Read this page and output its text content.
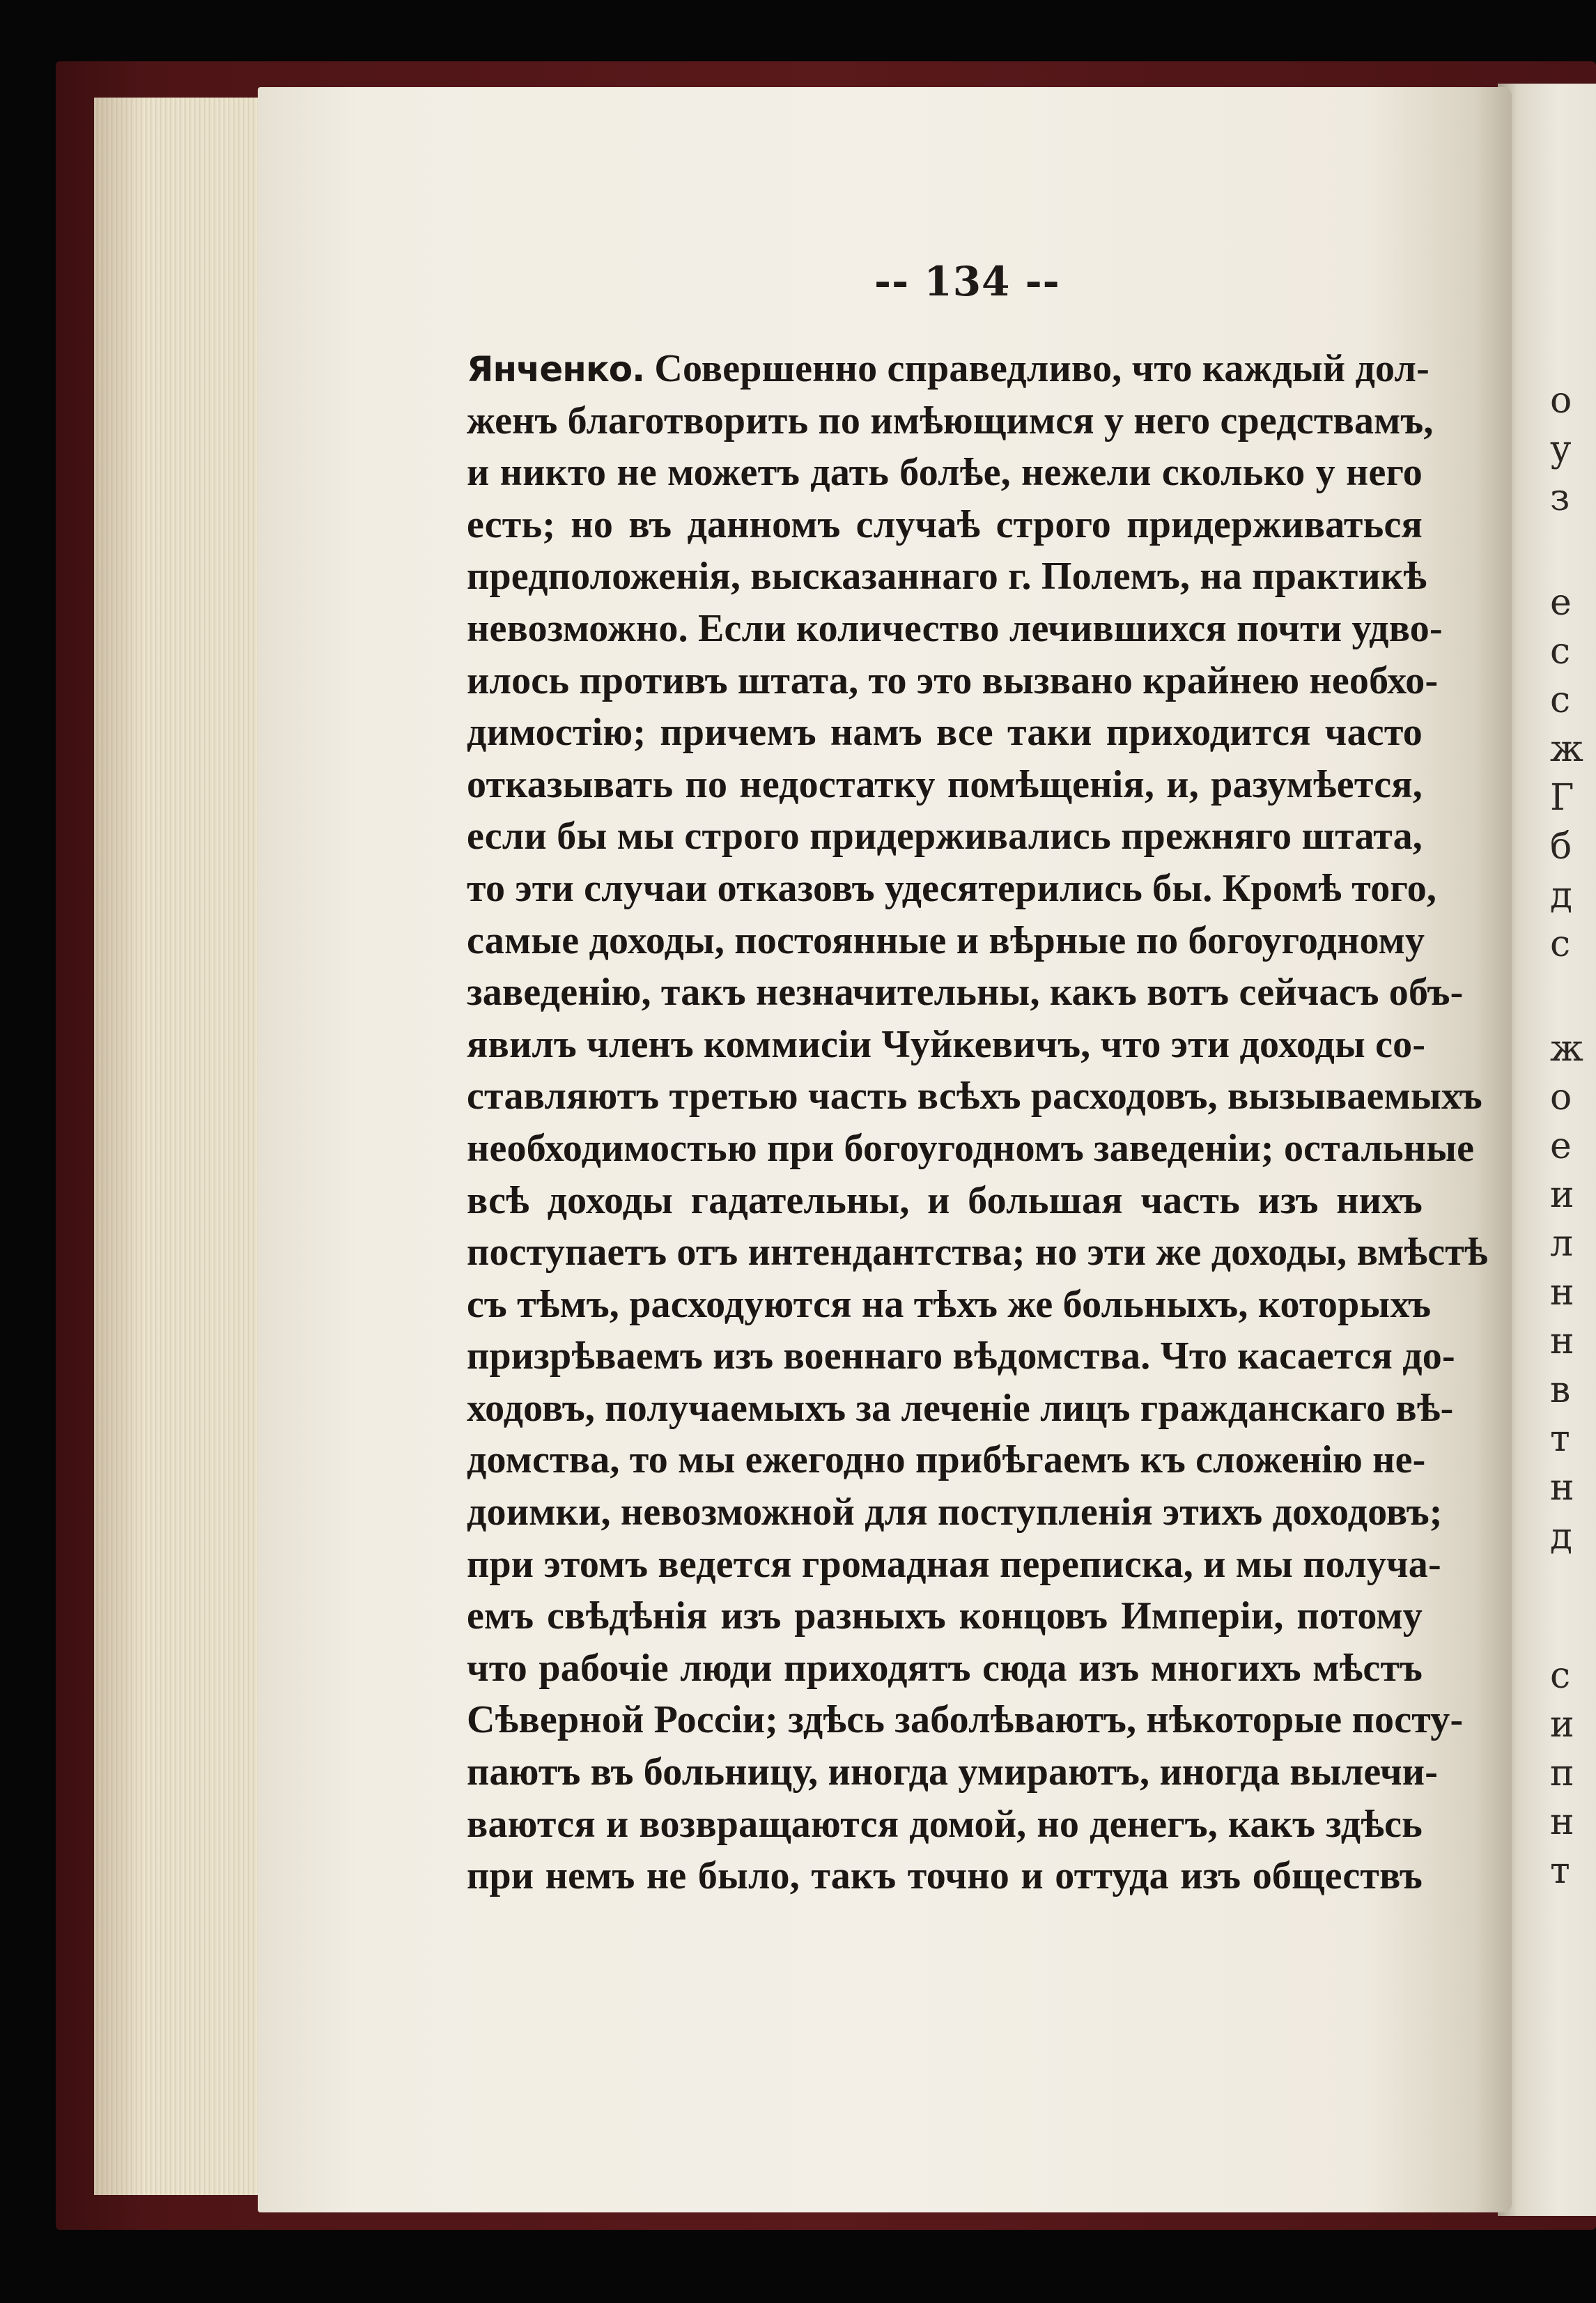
о
у
з
е
с
с
ж
Г
б
д
с
ж
о
е
и
л
н
н
в
т
н
д
с
и
п
н
т
-- 134 --
Янченко. Совершенно справедливо, что каждый дол-
женъ благотворить по имѣющимся у него средствамъ,
и никто не можетъ дать болѣе, нежели сколько у него
есть; но въ данномъ случаѣ строго придерживаться
предположенія, высказаннаго г. Полемъ, на практикѣ
невозможно. Если количество лечившихся почти удво-
илось противъ штата, то это вызвано крайнею необхо-
димостію; причемъ намъ все таки приходится часто
отказывать по недостатку помѣщенія, и, разумѣется,
если бы мы строго придерживались прежняго штата,
то эти случаи отказовъ удесятерились бы. Кромѣ того,
самые доходы, постоянные и вѣрные по богоугодному
заведенію, такъ незначительны, какъ вотъ сейчасъ объ-
явилъ членъ коммисіи Чуйкевичъ, что эти доходы со-
ставляютъ третью часть всѣхъ расходовъ, вызываемыхъ
необходимостью при богоугодномъ заведеніи; остальные
всѣ доходы гадательны, и большая часть изъ нихъ
поступаетъ отъ интендантства; но эти же доходы, вмѣстѣ
съ тѣмъ, расходуются на тѣхъ же больныхъ, которыхъ
призрѣваемъ изъ военнаго вѣдомства. Что касается до-
ходовъ, получаемыхъ за леченіе лицъ гражданскаго вѣ-
домства, то мы ежегодно прибѣгаемъ къ сложенію не-
доимки, невозможной для поступленія этихъ доходовъ;
при этомъ ведется громадная переписка, и мы получа-
емъ свѣдѣнія изъ разныхъ концовъ Имперіи, потому
что рабочіе люди приходятъ сюда изъ многихъ мѣстъ
Сѣверной Россіи; здѣсь заболѣваютъ, нѣкоторые посту-
паютъ въ больницу, иногда умираютъ, иногда вылечи-
ваются и возвращаются домой, но денегъ, какъ здѣсь
при немъ не было, такъ точно и оттуда изъ обществъ
